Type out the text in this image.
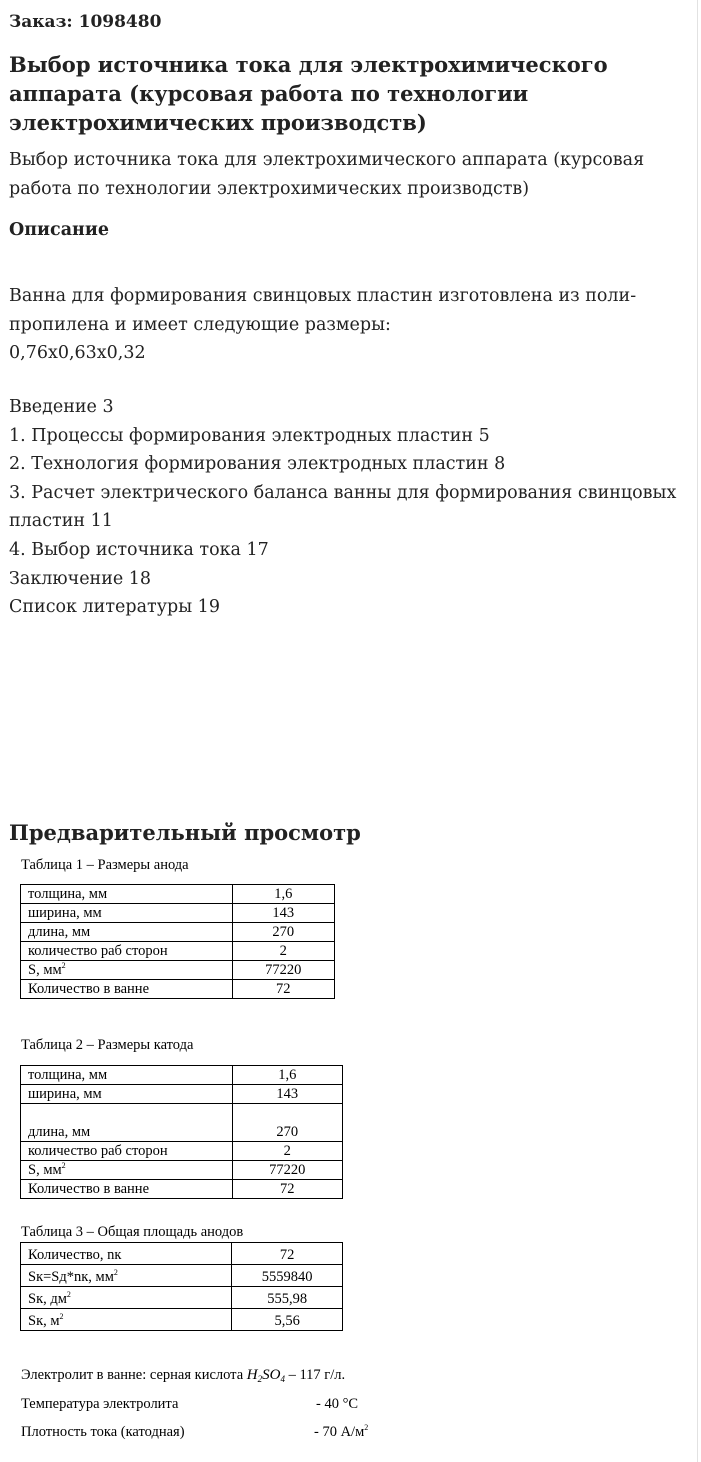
Заказ: 1098480
Выбор источника тока для электрохимического аппарата (курсовая работа по технологии электрохимических производств)
Выбор источника тока для электрохимического аппарата (курсовая работа по технологии электрохимических производств)
Описание

Ванна для формирования свинцовых пластин изготовлена из поли-

пропилена и имеет следующие размеры:

0,76х0,63х0,32

Введение 3

1. Процессы формирования электродных пластин 5

2. Технология формирования электродных пластин 8

3. Расчет электрического баланса ванны для формирования свинцовых пластин 11

4. Выбор источника тока 17

Заключение 18

Список литературы 19

Предварительный просмотр
Таблица 1 – Размеры анода
толщина, мм	1,6
ширина, мм	143
длина, мм	270
количество раб сторон	2
S, $мм^2$	77220
Количество в ванне	72
Таблица 2 – Размеры катода
толщина, мм	1,6
ширина, мм	143
длина, мм	270
количество раб сторон	2
S, $мм^2$	77220
Количество в ванне	72
Таблица 3 – Общая площадь анодов
Количество, nк	72
Sк=Sд*nк, $мм^2$	5559840
Sк, $дм^2$	555,98
Sк, $м^2$	5,56
Электролит в ванне: серная кислота $H_2SO_4 - 117$ г/л.
Температура электролита	- 40 °С
Плотность тока (катодная)	- 70 $А/м^2$
